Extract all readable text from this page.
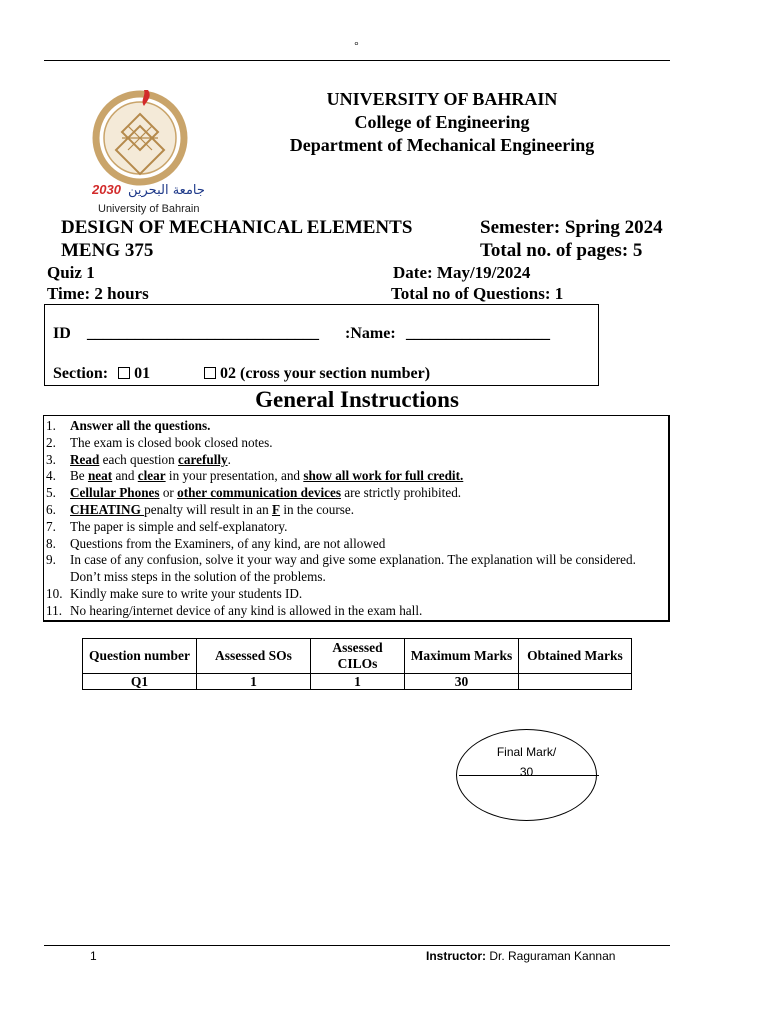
°
2030 جامعة البحرين
University of Bahrain
UNIVERSITY OF BAHRAIN
College of Engineering
Department of Mechanical Engineering
DESIGN OF MECHANICAL ELEMENTS	Semester: Spring 2024
MENG 375	Total no. of pages: 5
Quiz 1	Date: May/19/2024
Time: 2 hours	Total no of Questions: 1
ID _____________________________ :Name: __________________
Section: 01	02 (cross your section number)
General Instructions
1. Answer all the questions.
2. The exam is closed book closed notes.
3. Read each question carefully.
4. Be neat and clear in your presentation, and show all work for full credit.
5. Cellular Phones or other communication devices are strictly prohibited.
6. CHEATING penalty will result in an F in the course.
7. The paper is simple and self-explanatory.
8. Questions from the Examiners, of any kind, are not allowed
9. In case of any confusion, solve it your way and give some explanation. The explanation will be considered. Don’t miss steps in the solution of the problems.
10. Kindly make sure to write your students ID.
11. No hearing/internet device of any kind is allowed in the exam hall.
Question number	Assessed SOs	Assessed CILOs	Maximum Marks	Obtained Marks
Q1	1	1	30	
Final Mark/
30
1	Instructor: Dr. Raguraman Kannan
